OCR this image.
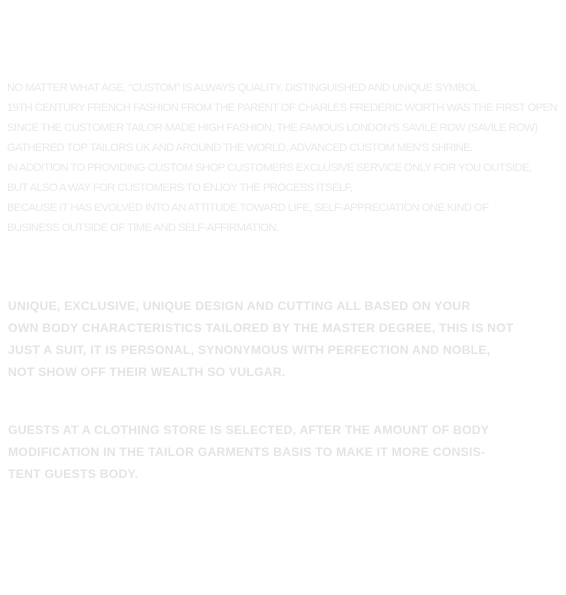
NO MATTER WHAT AGE, “CUSTOM” IS ALWAYS QUALITY, DISTINGUISHED AND UNIQUE SYMBOL.
19TH CENTURY FRENCH FASHION FROM THE PARENT OF CHARLES FREDERIC WORTH WAS THE FIRST OPEN
SINCE THE CUSTOMER TAILOR-MADE HIGH FASHION, THE FAMOUS LONDON'S SAVILE ROW (SAVILE ROW)
GATHERED TOP TAILORS UK AND AROUND THE WORLD, ADVANCED CUSTOM MEN'S SHRINE.
IN ADDITION TO PROVIDING CUSTOM SHOP CUSTOMERS EXCLUSIVE SERVICE ONLY FOR YOU OUTSIDE,
BUT ALSO A WAY FOR CUSTOMERS TO ENJOY THE PROCESS ITSELF,
BECAUSE IT HAS EVOLVED INTO AN ATTITUDE TOWARD LIFE, SELF-APPRECIATION ONE KIND OF
BUSINESS OUTSIDE OF TIME AND SELF-AFFIRMATION.
UNIQUE, EXCLUSIVE, UNIQUE DESIGN AND CUTTING ALL BASED ON YOUR
OWN BODY CHARACTERISTICS TAILORED BY THE MASTER DEGREE, THIS IS NOT
JUST A SUIT, IT IS PERSONAL, SYNONYMOUS WITH PERFECTION AND NOBLE,
NOT SHOW OFF THEIR WEALTH SO VULGAR.
GUESTS AT A CLOTHING STORE IS SELECTED, AFTER THE AMOUNT OF BODY
MODIFICATION IN THE TAILOR GARMENTS BASIS TO MAKE IT MORE CONSIS-
TENT GUESTS BODY.
